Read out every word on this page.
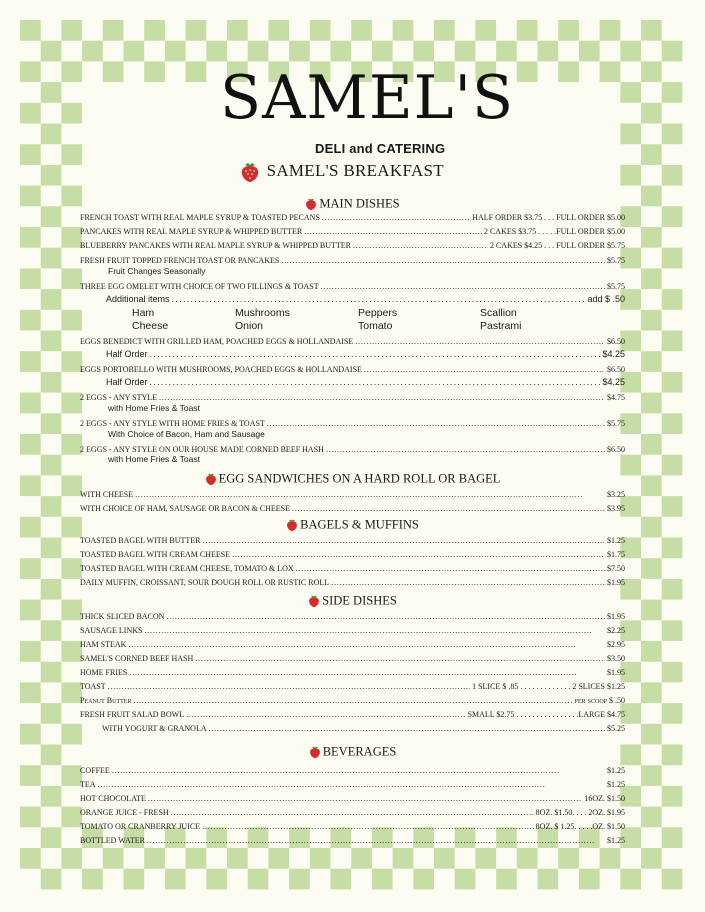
SAMEL'S
DELI and CATERING
SAMEL'S BREAKFAST
MAIN DISHES
FRENCH TOAST WITH REAL MAPLE SYRUP & TOASTED PECANS . . .	HALF ORDER $3.75 . . . FULL ORDER $5.00
PANCAKES WITH REAL MAPLE SYRUP & WHIPPED BUTTER . . .	2 CAKES $3.75 . . . . .FULL ORDER $5.00
BLUEBERRY PANCAKES WITH REAL MAPLE SYRUP & WHIPPED BUTTER . . .	2 CAKES $4.25 . . . FULL ORDER $5.75
FRESH FRUIT TOPPED FRENCH TOAST OR PANCAKES . . .	$5.75
Fruit Changes Seasonally
THREE EGG OMELET WITH CHOICE OF TWO FILLINGS & TOAST . . .	$5.75
Additional items . . .	add $ .50
Ham	Mushrooms	Peppers	Scallion
Cheese	Onion	Tomato	Pastrami
EGGS BENEDICT WITH GRILLED HAM, POACHED EGGS & HOLLANDAISE . . .	$6.50
Half Order . . .	$4.25
EGGS PORTOBELLO WITH MUSHROOMS, POACHED EGGS & HOLLANDAISE . . .	$6.50
Half Order . . .	$4.25
2 EGGS - ANY STYLE . . .	$4.75
with Home Fries & Toast
2 EGGS - ANY STYLE WITH HOME FRIES & TOAST . . .	$5.75
With Choice of Bacon, Ham and Sausage
2 EGGS - ANY STYLE ON OUR HOUSE MADE CORNED BEEF HASH . . .	$6.50
with Home Fries & Toast
EGG SANDWICHES ON A HARD ROLL OR BAGEL
WITH CHEESE . . .	$3.25
WITH CHOICE OF HAM, SAUSAGE OR BACON & CHEESE . . .	$3.95
BAGELS & MUFFINS
TOASTED BAGEL WITH BUTTER . . .	$1.25
TOASTED BAGEL WITH CREAM CHEESE . . .	$1.75
TOASTED BAGEL WITH CREAM CHEESE, TOMATO & LOX . . .	$7.50
DAILY MUFFIN, CROISSANT, SOUR DOUGH ROLL OR RUSTIC ROLL . . .	$1.95
SIDE DISHES
THICK SLICED BACON . . .	$1.95
SAUSAGE LINKS . . .	$2.25
HAM STEAK . . .	$2.95
SAMEL'S CORNED BEEF HASH . . .	$3.50
HOME FRIES . . .	$1.95
TOAST . . .	1 SLICE $ .85 . . . . . . . . . . . . . 2 SLICES $1.25
Peanut Butter . . .	per scoop $ .50
FRESH FRUIT SALAD BOWL . . .	SMALL $2.75 . . . . . . . . . . . . . . . .LARGE $4.75
WITH YOGURT & GRANOLA . . .	$5.25
BEVERAGES
COFFEE . . .	$1.25
TEA . . .	$1.25
HOT CHOCOLATE . . .	16OZ. $1.50
ORANGE JUICE - FRESH . . .	8OZ. $1.50. . . . 2OZ. $1.95
TOMATO OR CRANBERRY JUICE . . .	8OZ. $ 1.25. . . . .OZ. $1.50
BOTTLED WATER . . .	$1.25
